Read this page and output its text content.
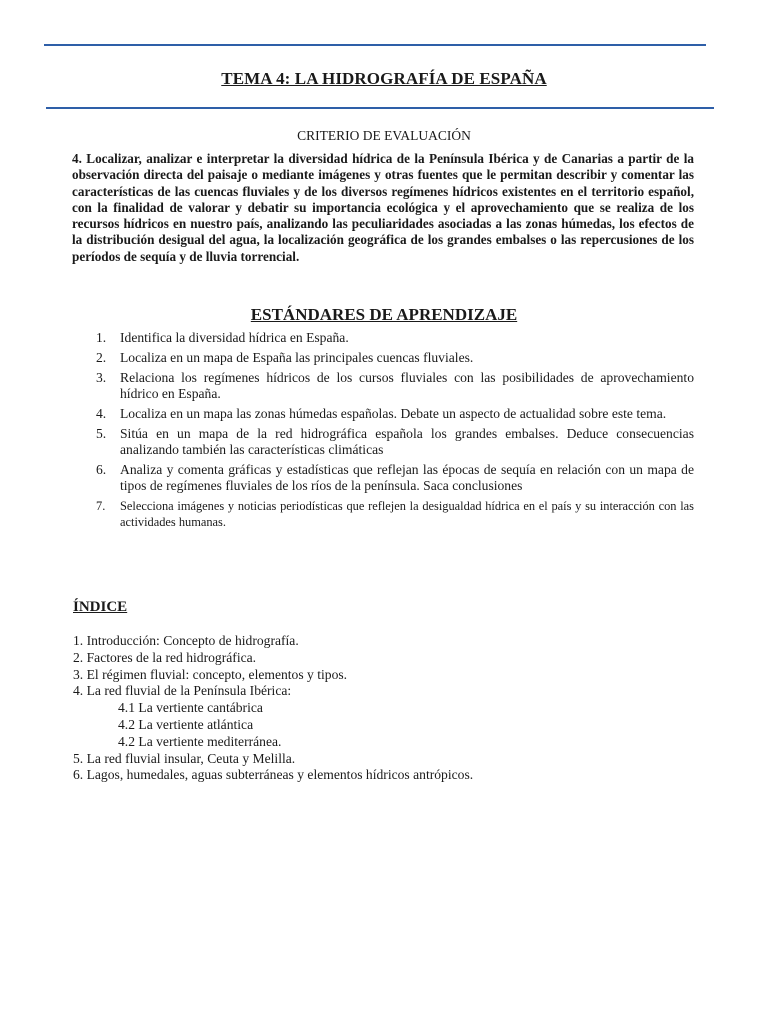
TEMA 4: LA HIDROGRAFÍA DE ESPAÑA
CRITERIO DE EVALUACIÓN
4. Localizar, analizar e interpretar la diversidad hídrica de la Península Ibérica y de Canarias a partir de la observación directa del paisaje o mediante imágenes y otras fuentes que le permitan describir y comentar las características de las cuencas fluviales y de los diversos regímenes hídricos existentes en el territorio español, con la finalidad de valorar y debatir su importancia ecológica y el aprovechamiento que se realiza de los recursos hídricos en nuestro país, analizando las peculiaridades asociadas a las zonas húmedas, los efectos de la distribución desigual del agua, la localización geográfica de los grandes embalses o las repercusiones de los períodos de sequía y de lluvia torrencial.
ESTÁNDARES DE APRENDIZAJE
1. Identifica la diversidad hídrica en España.
2. Localiza en un mapa de España las principales cuencas fluviales.
3. Relaciona los regímenes hídricos de los cursos fluviales con las posibilidades de aprovechamiento hídrico en España.
4. Localiza en un mapa las zonas húmedas españolas. Debate un aspecto de actualidad sobre este tema.
5. Sitúa en un mapa de la red hidrográfica española los grandes embalses. Deduce consecuencias analizando también las características climáticas
6. Analiza y comenta gráficas y estadísticas que reflejan las épocas de sequía en relación con un mapa de tipos de regímenes fluviales de los ríos de la península. Saca conclusiones
7. Selecciona imágenes y noticias periodísticas que reflejen la desigualdad hídrica en el país y su interacción con las actividades humanas.
ÍNDICE
1. Introducción: Concepto de hidrografía.
2. Factores de la red hidrográfica.
3. El régimen fluvial: concepto, elementos y tipos.
4. La red fluvial de la Península Ibérica:
4.1 La vertiente cantábrica
4.2 La vertiente atlántica
4.2 La vertiente mediterránea.
5. La red fluvial insular, Ceuta y Melilla.
6. Lagos, humedales, aguas subterráneas y elementos hídricos antrópicos.
